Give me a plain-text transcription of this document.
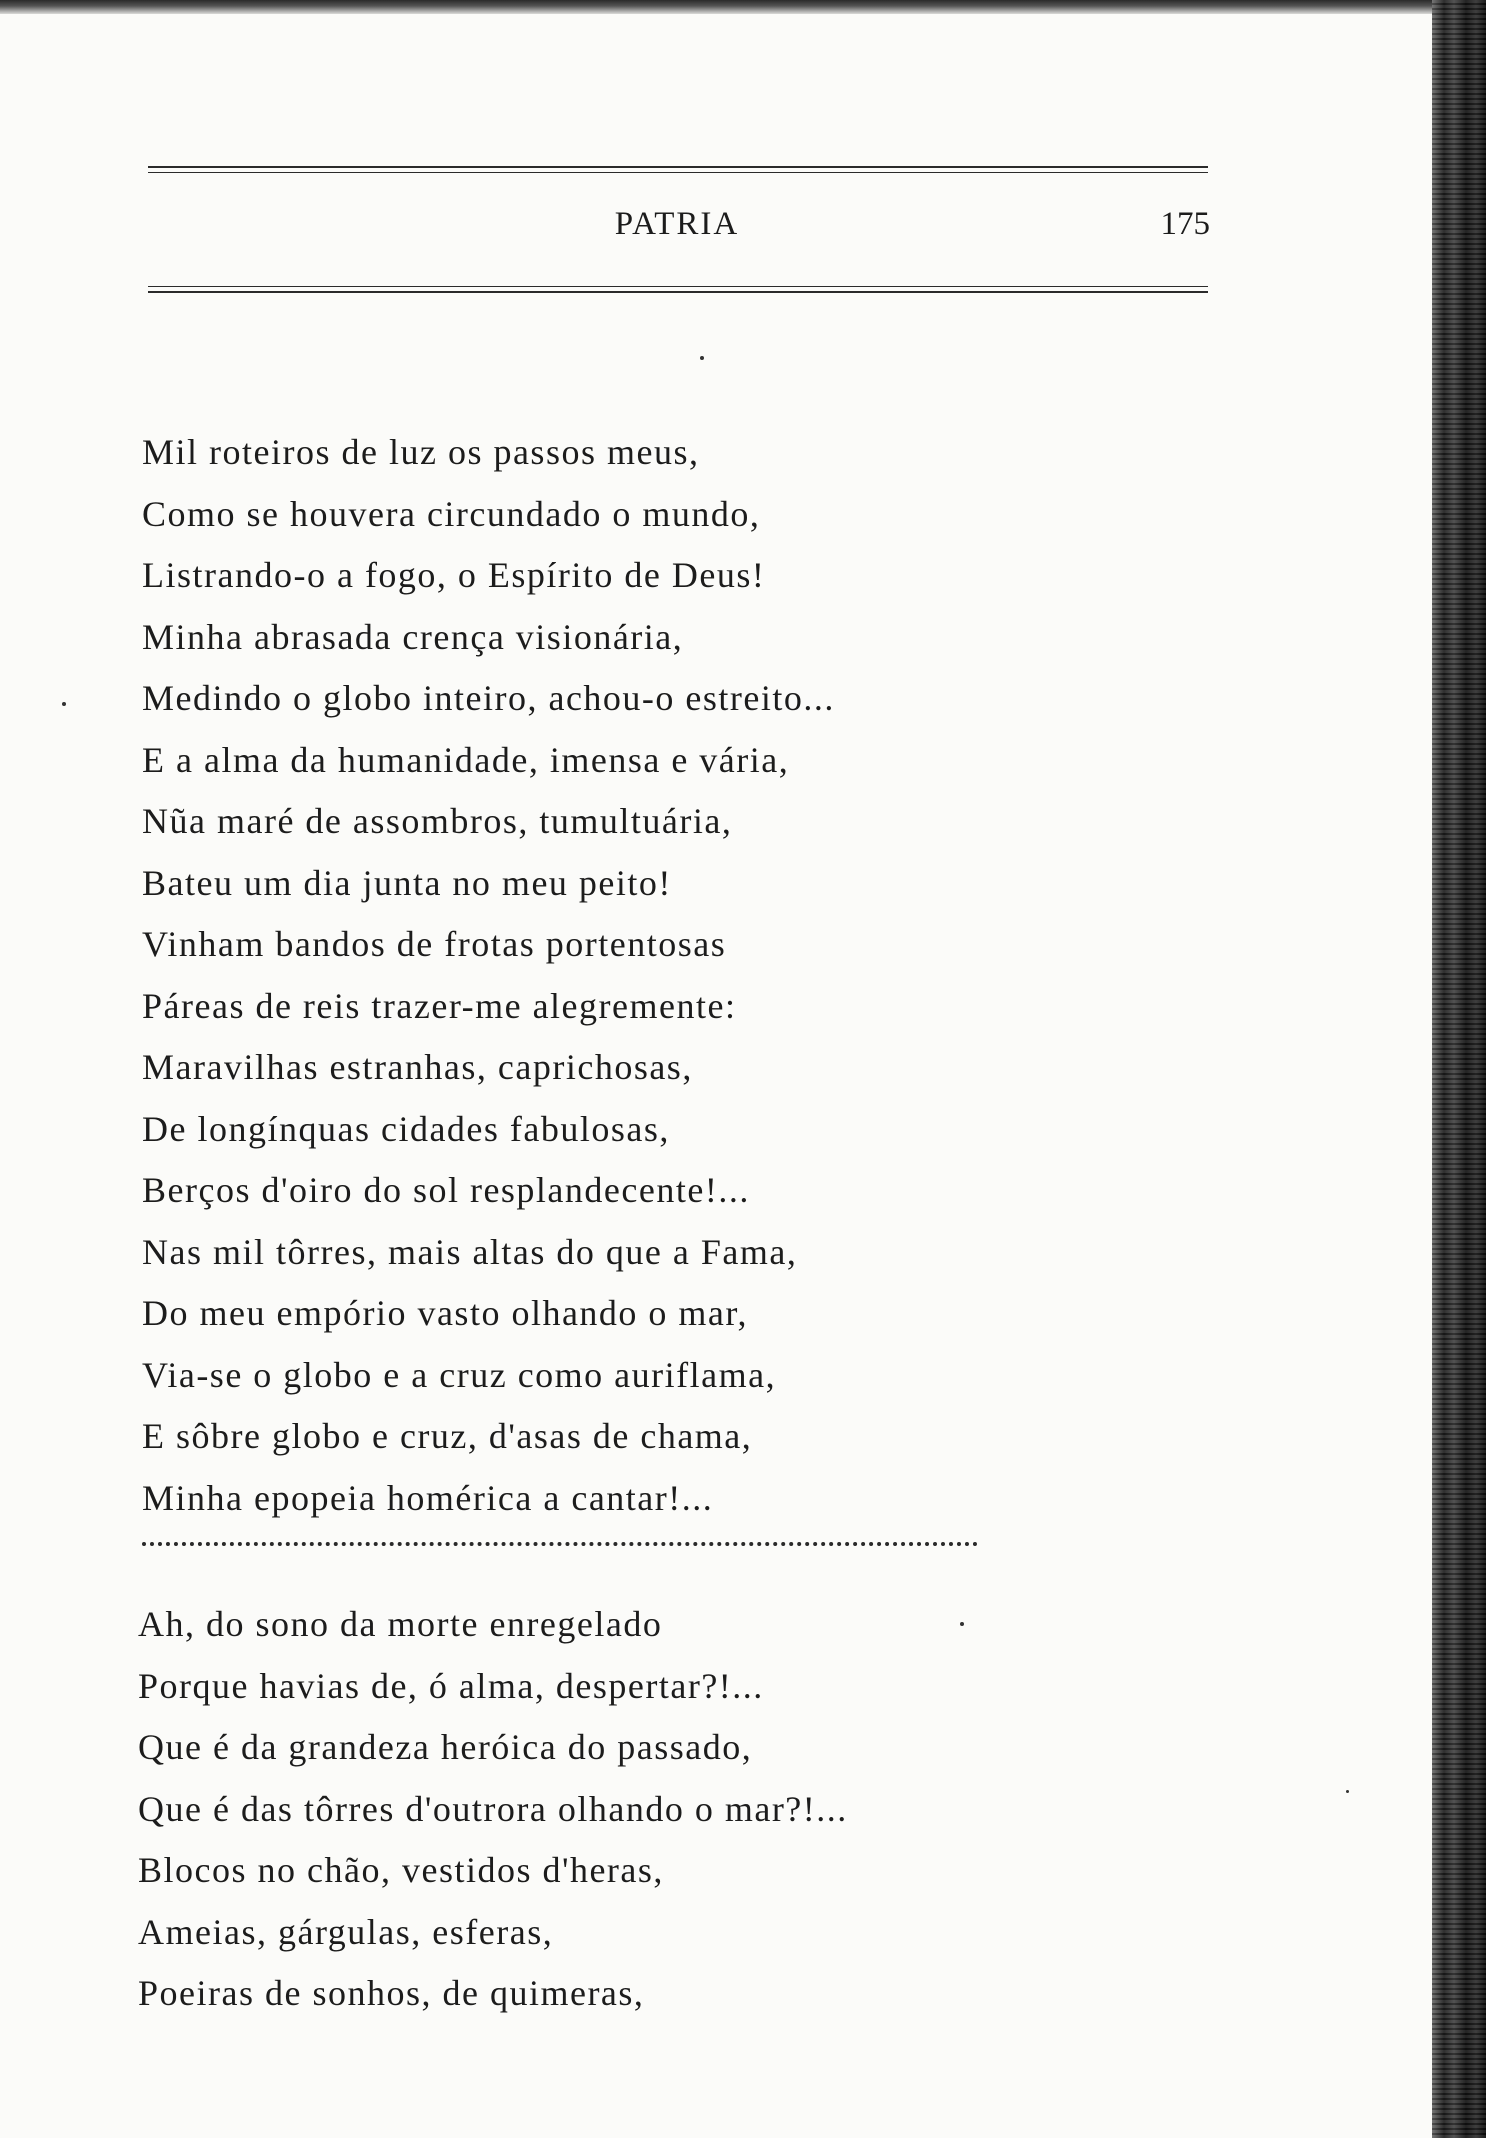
PATRIA	175
Mil roteiros de luz os passos meus,
Como se houvera circundado o mundo,
Listrando-o a fogo, o Espírito de Deus!
Minha abrasada crença visionária,
Medindo o globo inteiro, achou-o estreito...
E a alma da humanidade, imensa e vária,
Nũa maré de assombros, tumultuária,
Bateu um dia junta no meu peito!
Vinham bandos de frotas portentosas
Páreas de reis trazer-me alegremente:
Maravilhas estranhas, caprichosas,
De longínquas cidades fabulosas,
Berços d'oiro do sol resplandecente!...
Nas mil tôrres, mais altas do que a Fama,
Do meu empório vasto olhando o mar,
Via-se o globo e a cruz como auriflama,
E sôbre globo e cruz, d'asas de chama,
Minha epopeia homérica a cantar!...
Ah, do sono da morte enregelado
Porque havias de, ó alma, despertar?!...
Que é da grandeza heróica do passado,
Que é das tôrres d'outrora olhando o mar?!...
Blocos no chão, vestidos d'heras,
Ameias, gárgulas, esferas,
Poeiras de sonhos, de quimeras,
